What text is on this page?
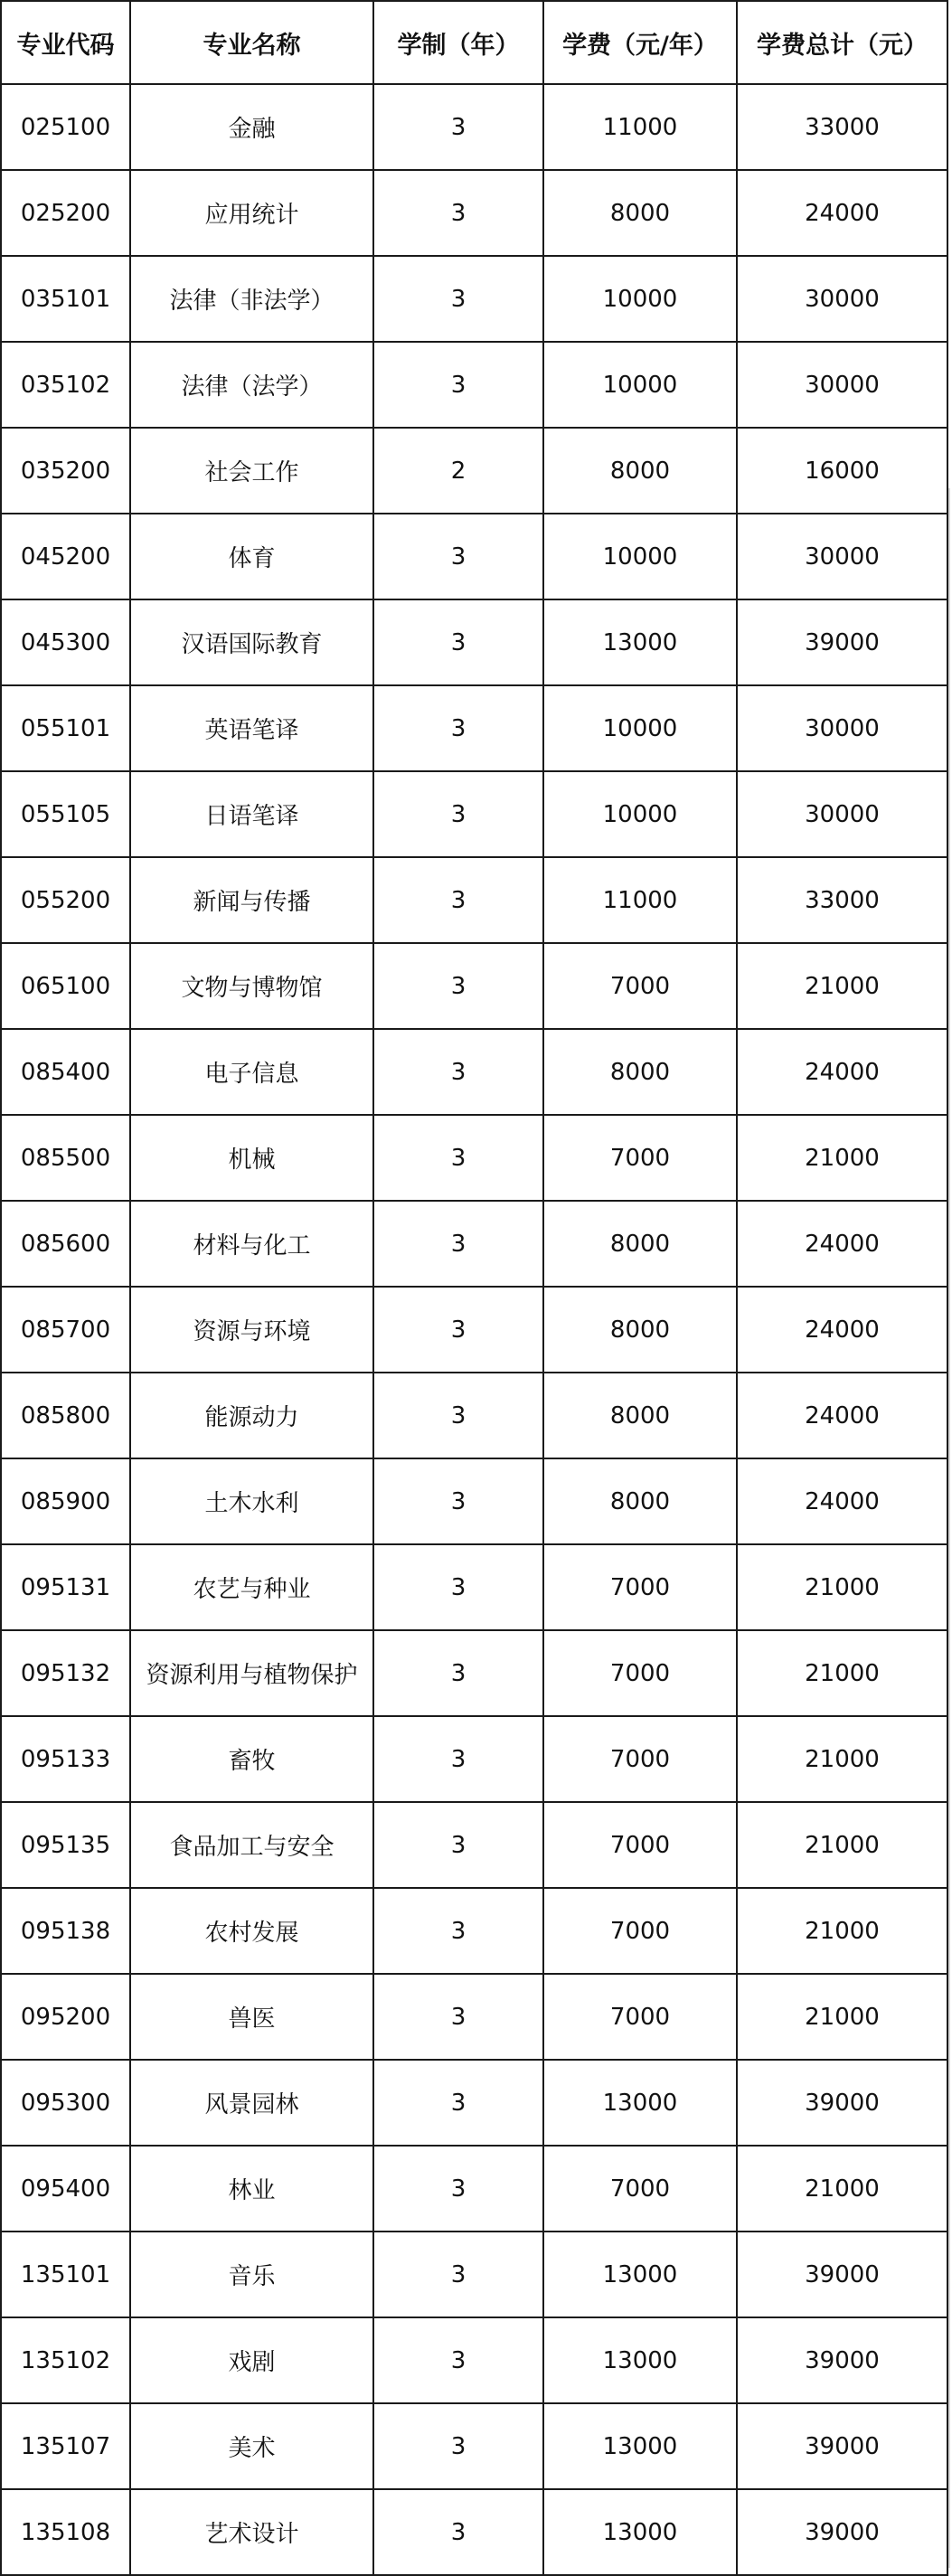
专业代码	专业名称	学制（年）	学费（元/年）	学费总计（元）
025100	金融	3	11000	33000
025200	应用统计	3	8000	24000
035101	法律（非法学）	3	10000	30000
035102	法律（法学）	3	10000	30000
035200	社会工作	2	8000	16000
045200	体育	3	10000	30000
045300	汉语国际教育	3	13000	39000
055101	英语笔译	3	10000	30000
055105	日语笔译	3	10000	30000
055200	新闻与传播	3	11000	33000
065100	文物与博物馆	3	7000	21000
085400	电子信息	3	8000	24000
085500	机械	3	7000	21000
085600	材料与化工	3	8000	24000
085700	资源与环境	3	8000	24000
085800	能源动力	3	8000	24000
085900	土木水利	3	8000	24000
095131	农艺与种业	3	7000	21000
095132	资源利用与植物保护	3	7000	21000
095133	畜牧	3	7000	21000
095135	食品加工与安全	3	7000	21000
095138	农村发展	3	7000	21000
095200	兽医	3	7000	21000
095300	风景园林	3	13000	39000
095400	林业	3	7000	21000
135101	音乐	3	13000	39000
135102	戏剧	3	13000	39000
135107	美术	3	13000	39000
135108	艺术设计	3	13000	39000
